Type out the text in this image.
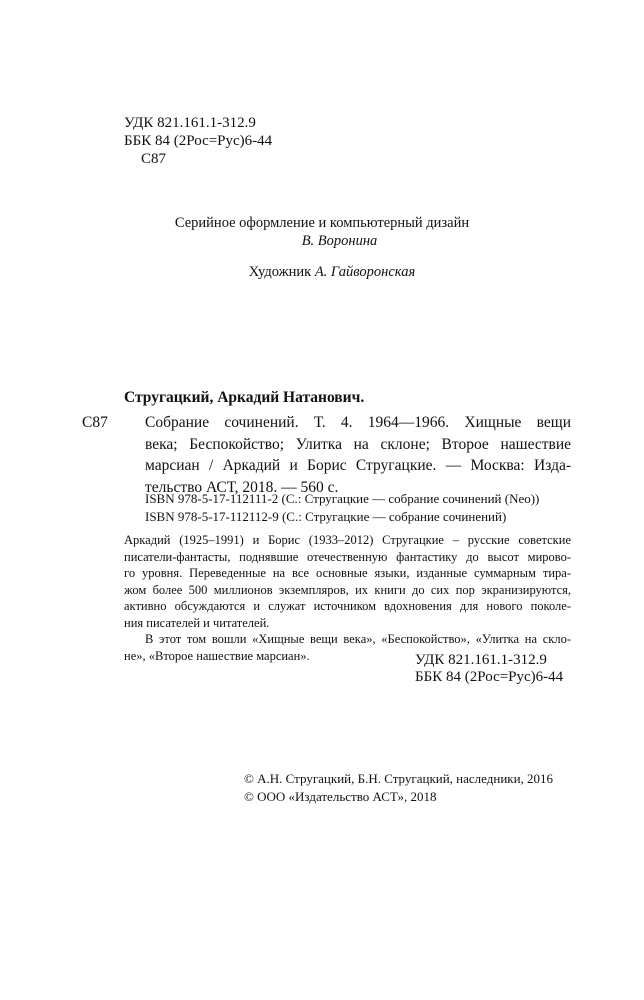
УДК 821.161.1-312.9
ББК 84 (2Рос=Рус)6-44
С87
Серийное оформление и компьютерный дизайн
В. Воронина
Художник А. Гайворонская
Стругацкий, Аркадий Натанович.
С87 Собрание сочинений. Т. 4. 1964—1966. Хищные вещи
века; Беспокойство; Улитка на склоне; Второе нашествие
марсиан / Аркадий и Борис Стругацкие. — Москва: Изда-
тельство АСТ, 2018. — 560 с.
ISBN 978-5-17-112111-2 (С.: Стругацкие — собрание сочинений (Neo))
ISBN 978-5-17-112112-9 (С.: Стругацкие — собрание сочинений)
Аркадий (1925–1991) и Борис (1933–2012) Стругацкие – русские советские
писатели-фантасты, поднявшие отечественную фантастику до высот мирово-
го уровня. Переведенные на все основные языки, изданные суммарным тира-
жом более 500 миллионов экземпляров, их книги до сих пор экранизируются,
активно обсуждаются и служат источником вдохновения для нового поколе-
ния писателей и читателей.
В этот том вошли «Хищные вещи века», «Беспокойство», «Улитка на скло-
не», «Второе нашествие марсиан».	УДК 821.161.1-312.9
ББК 84 (2Рос=Рус)6-44
© А.Н. Стругацкий, Б.Н. Стругацкий, наследники, 2016
© ООО «Издательство АСТ», 2018
